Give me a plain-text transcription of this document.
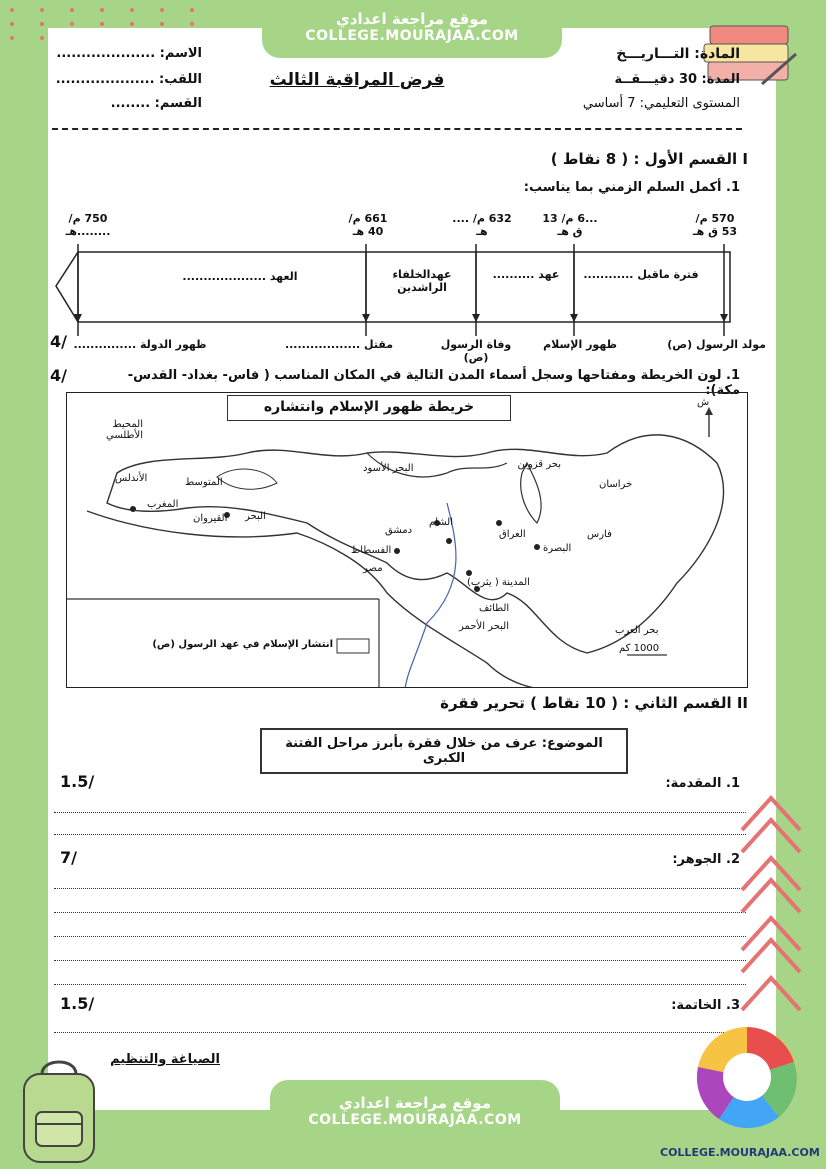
موقع مراجعة اعدادي
COLLEGE.MOURAJAA.COM
الاسم: ....................
اللقب: ....................
القسم: ........
فرض المراقبة الثالث
المادة: التـــاريـــخ
المدة: 30 دقيـــقــة
المستوى التعليمي: 7 أساسي
I القسم الأول : ( 8 نقاط )
1. أكمل السلم الزمني بما يناسب:
570 م/ 53 ق هـ
...6 م/ 13 ق هـ
632 م/ .... هـ
661 م/ 40 هـ
750 م/ ........هـ
فترة ماقبل ............
عهد ..........
عهدالخلفاء الراشدين
العهد ....................
مولد الرسول (ص)
ظهور الإسلام
وفاة الرسول (ص)
مقتل ..................
ظهور الدولة ...............
4/
1. لون الخريطة ومفتاحها وسجل أسماء المدن التالية في المكان المناسب ( فاس- بغداد- القدس- مكة):
4/
خريطة ظهور الإسلام وانتشاره	ش
المحيط الأطلسي
الأندلس	المتوسط
البحر
المغرب
القيروان
البحر الأسود	بحر قزوين
خراسان
الشام
دمشق
الفسطاط
مصر
العراق
البصرة
فارس
المدينة ( يثرب)
الطائف
البحر الأحمر	بحر العرب
1000 كم
انتشار الإسلام في عهد الرسول (ص)
II القسم الثاني : ( 10 نقاط ) تحرير فقرة
الموضوع: عرف من خلال فقرة بأبرز مراحل الفتنة الكبرى
1. المقدمة:
1.5/
2. الجوهر:
7/
3. الخاتمة:
1.5/
الصياغة والتنظيم
موقع مراجعة اعدادي
COLLEGE.MOURAJAA.COM
COLLEGE.MOURAJAA.COM
